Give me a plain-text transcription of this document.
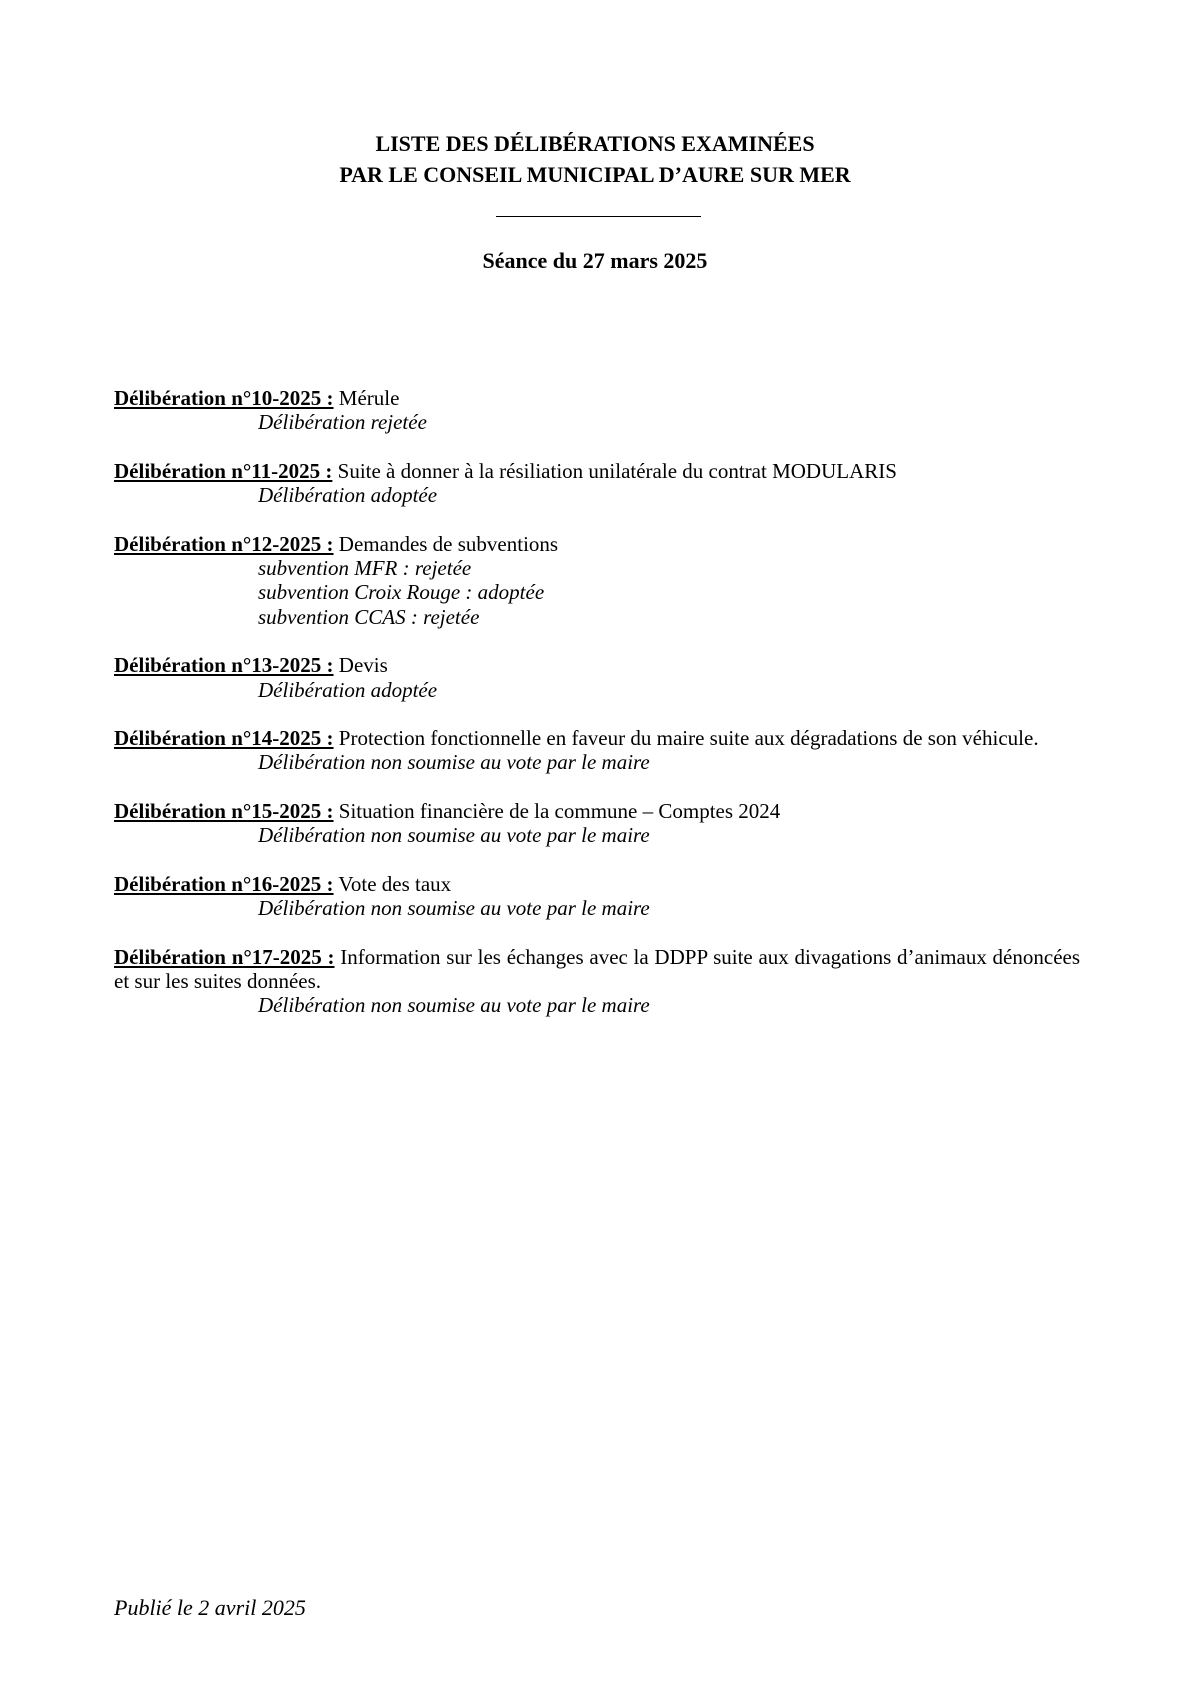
LISTE DES DÉLIBÉRATIONS EXAMINÉES
PAR LE CONSEIL MUNICIPAL D’AURE SUR MER
Séance du 27 mars 2025
Délibération n°10-2025 : Mérule
Délibération rejetée
Délibération n°11-2025 : Suite à donner à la résiliation unilatérale du contrat MODULARIS
Délibération adoptée
Délibération n°12-2025 : Demandes de subventions
subvention MFR : rejetée
subvention Croix Rouge : adoptée
subvention CCAS : rejetée
Délibération n°13-2025 : Devis
Délibération adoptée
Délibération n°14-2025 : Protection fonctionnelle en faveur du maire suite aux dégradations de son véhicule.
Délibération non soumise au vote par le maire
Délibération n°15-2025 : Situation financière de la commune – Comptes 2024
Délibération non soumise au vote par le maire
Délibération n°16-2025 : Vote des taux
Délibération non soumise au vote par le maire
Délibération n°17-2025 : Information sur les échanges avec la DDPP suite aux divagations d’animaux dénoncées et sur les suites données.
Délibération non soumise au vote par le maire
Publié le 2 avril 2025
